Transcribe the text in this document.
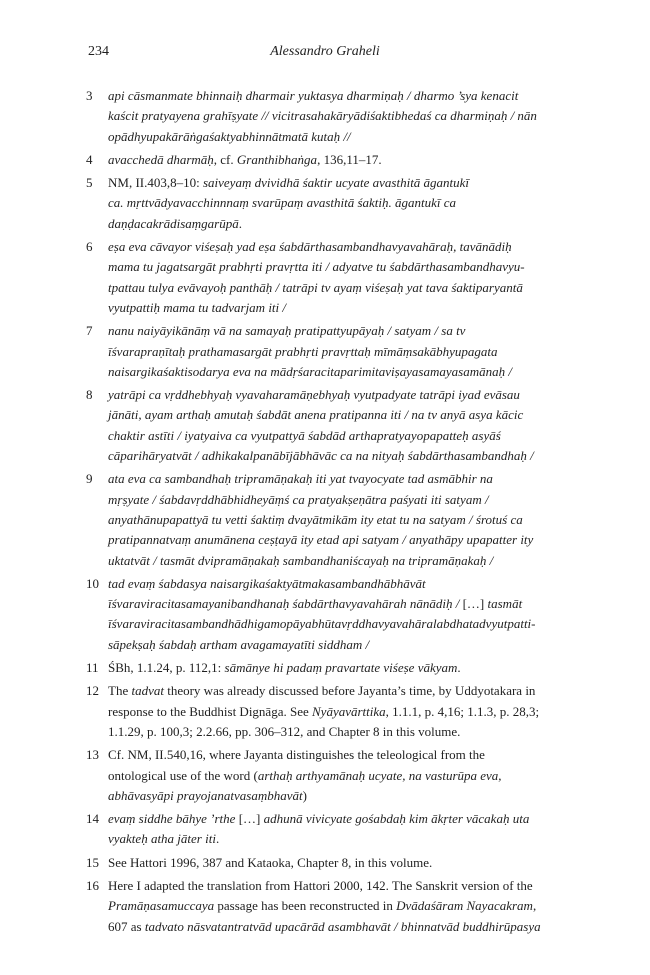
234	Alessandro Graheli
3	api cāsmanmate bhinnaiḥ dharmair yuktasya dharmiṇaḥ / dharmo ’sya kenacit
kaścit pratyayena grahīṣyate // vicitrasahakāryādiśaktibhedaś ca dharmiṇaḥ / nān
opādhyupakārāṅgaśaktyabhinnātmatā kutaḥ //
4	avacchedā dharmāḥ, cf. Granthibhaṅga, 136,11–17.
5	NM, II.403,8–10: saiveyaṃ dvividhā śaktir ucyate avasthitā āgantukī
ca. mṛttvādyavacchinnnaṃ svarūpaṃ avasthitā śaktiḥ. āgantukī ca
daṇḍacakrādisaṃgarūpā.
6	eṣa eva cāvayor viśeṣaḥ yad eṣa śabdārthasambandhavyavahāraḥ, tavānādiḥ
mama tu jagatsargāt prabhṛti pravṛtta iti / adyatve tu śabdārthasambandhavyu-
tpattau tulya evāvayoḥ panthāḥ / tatrāpi tv ayaṃ viśeṣaḥ yat tava śaktiparyantā
vyutpattiḥ mama tu tadvarjam iti /
7	nanu naiyāyikānāṃ vā na samayaḥ pratipattyupāyaḥ / satyam / sa tv
īśvarapraṇītaḥ prathamasargāt prabhṛti pravṛttaḥ mīmāṃsakābhyupagata
naisargikaśaktisodarya eva na mādṛśaracitaparimitaviṣayasamayasamānaḥ /
8	yatrāpi ca vṛddhebhyaḥ vyavaharamāṇebhyaḥ vyutpadyate tatrāpi iyad evāsau
jānāti, ayam arthaḥ amutaḥ śabdāt anena pratipanna iti / na tv anyā asya kācic
chaktir astīti / iyatyaiva ca vyutpattyā śabdād arthapratyayopapatteḥ asyāś
cāparihāryatvāt / adhikakalpanābījābhāvāc ca na nityaḥ śabdārthasambandhaḥ /
9	ata eva ca sambandhaḥ tripramāṇakaḥ iti yat tvayocyate tad asmābhir na
mṛṣyate / śabdavṛddhābhidheyāṃś ca pratyakṣeṇātra paśyati iti satyam /
anyathānupapattyā tu vetti śaktiṃ dvayātmikām ity etat tu na satyam / śrotuś ca
pratipannatvaṃ anumānena ceṣṭayā ity etad api satyam / anyathāpy upapatter ity
uktatvāt / tasmāt dvipramāṇakaḥ sambandhaniścayaḥ na tripramāṇakaḥ /
10 tad evaṃ śabdasya naisargikaśaktyātmakasambandhābhāvāt
īśvaraviracitasamayanibandhanaḥ śabdārthavyavahārah nānādiḥ / […] tasmāt
īśvaraviracitasambandhādhigamopāyabhūtavṛddhavyavahāralabdhatadvyutpatti-
sāpekṣaḥ śabdaḥ artham avagamayatīti siddham /
11 ŚBh, 1.1.24, p. 112,1: sāmānye hi padaṃ pravartate viśeṣe vākyam.
12 The tadvat theory was already discussed before Jayanta’s time, by Uddyotakara in
response to the Buddhist Dignāga. See Nyāyavārttika, 1.1.1, p. 4,16; 1.1.3, p. 28,3;
1.1.29, p. 100,3; 2.2.66, pp. 306–312, and Chapter 8 in this volume.
13 Cf. NM, II.540,16, where Jayanta distinguishes the teleological from the
ontological use of the word (arthaḥ arthyamānaḥ ucyate, na vasturūpa eva,
abhāvasyāpi prayojanatvasaṃbhavāt)
14 evaṃ siddhe bāhye ’rthe […] adhunā vivicyate gośabdaḥ kim ākṛter vācakaḥ uta
vyakteḥ atha jāter iti.
15 See Hattori 1996, 387 and Kataoka, Chapter 8, in this volume.
16 Here I adapted the translation from Hattori 2000, 142. The Sanskrit version of the
Pramāṇasamuccaya passage has been reconstructed in Dvādaśāram Nayacakram,
607 as tadvato nāsvatantratvād upacārād asambhavāt / bhinnatvād buddhirūpasya
